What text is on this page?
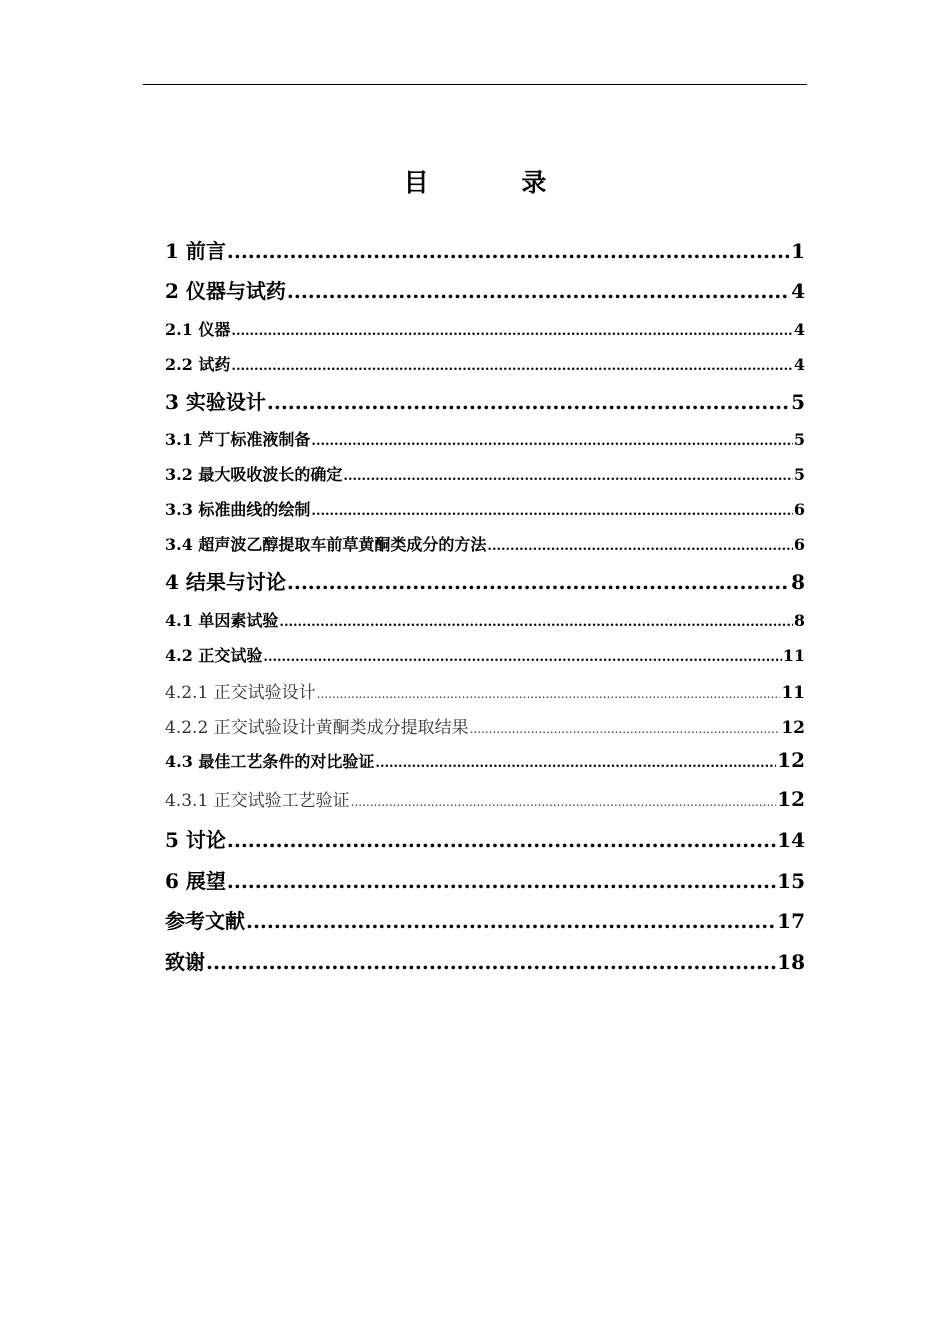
目 录
1 前言 .....	1
2 仪器与试药 .....	4
2.1 仪器 .....	4
2.2 试药 .....	4
3 实验设计 .....	5
3.1 芦丁标准液制备 .....	5
3.2 最大吸收波长的确定 .....	5
3.3 标准曲线的绘制 .....	6
3.4 超声波乙醇提取车前草黄酮类成分的方法 .....	6
4 结果与讨论 .....	8
4.1 单因素试验 .....	8
4.2 正交试验 .....	11
4.2.1 正交试验设计 .....	11
4.2.2 正交试验设计黄酮类成分提取结果 .....	12
4.3 最佳工艺条件的对比验证 .....	12
4.3.1 正交试验工艺验证 .....	12
5 讨论 .....	14
6 展望 .....	15
参考文献 .....	17
致谢 .....	18
